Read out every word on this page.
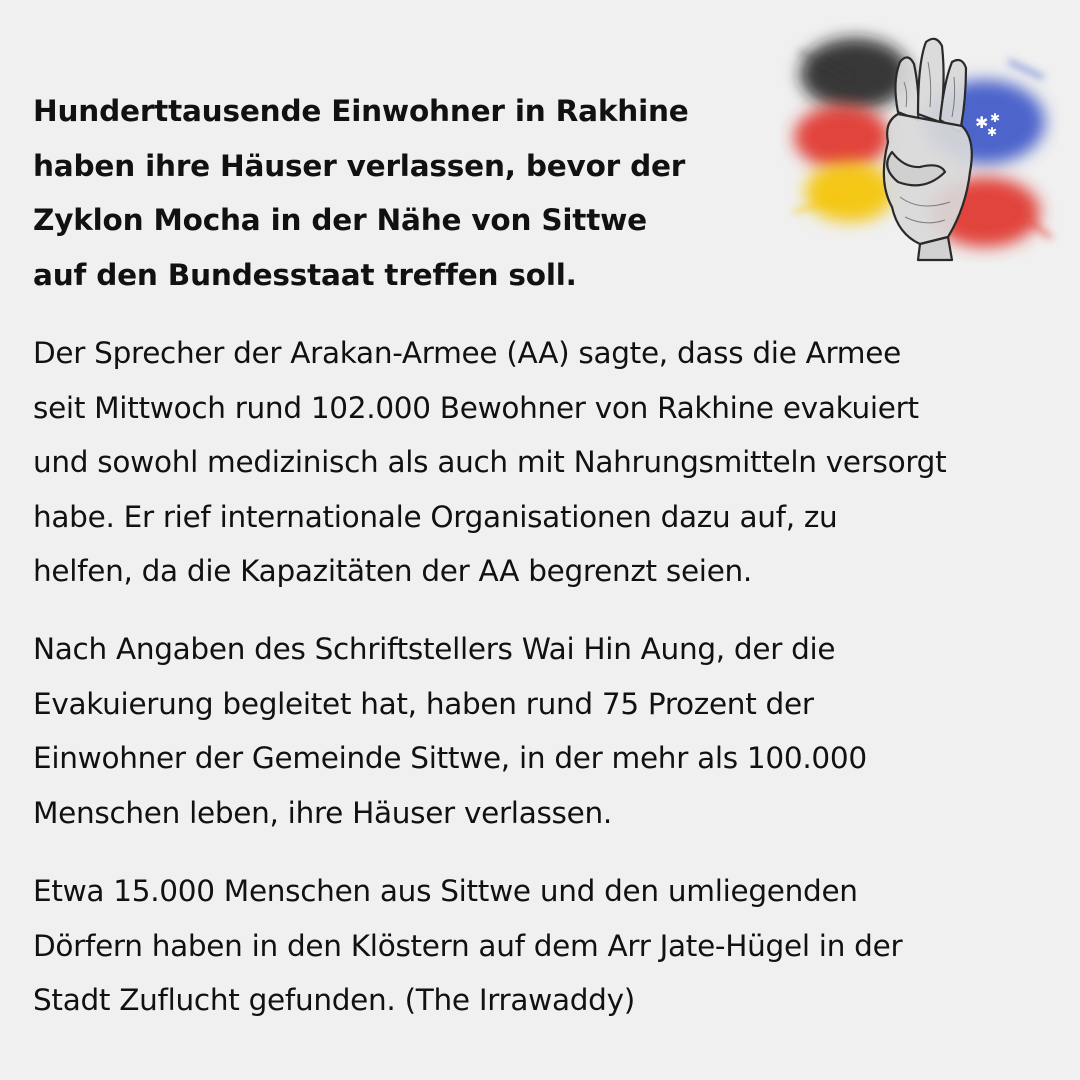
Hunderttausende Einwohner in Rakhine
haben ihre Häuser verlassen, bevor der
Zyklon Mocha in der Nähe von Sittwe
auf den Bundesstaat treffen soll.

Der Sprecher der Arakan-Armee (AA) sagte, dass die Armee
seit Mittwoch rund 102.000 Bewohner von Rakhine evakuiert
und sowohl medizinisch als auch mit Nahrungsmitteln versorgt
habe. Er rief internationale Organisationen dazu auf, zu
helfen, da die Kapazitäten der AA begrenzt seien.

Nach Angaben des Schriftstellers Wai Hin Aung, der die
Evakuierung begleitet hat, haben rund 75 Prozent der
Einwohner der Gemeinde Sittwe, in der mehr als 100.000
Menschen leben, ihre Häuser verlassen.

Etwa 15.000 Menschen aus Sittwe und den umliegenden
Dörfern haben in den Klöstern auf dem Arr Jate-Hügel in der
Stadt Zuflucht gefunden. (The Irrawaddy)

✱ ✱
✱
